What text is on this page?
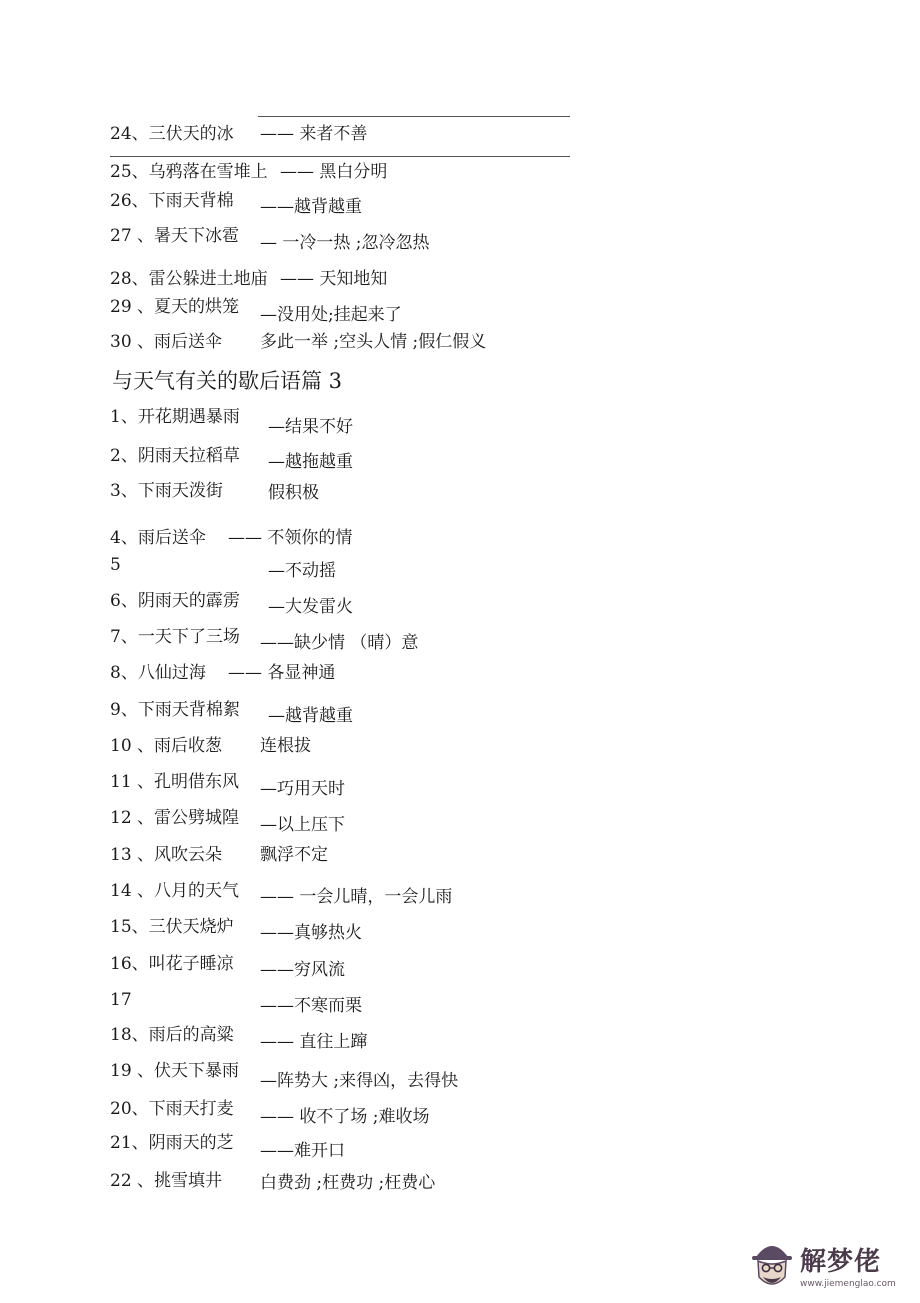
24、三伏天的冰 —— 来者不善
25、乌鸦落在雪堆上 —— 黑白分明
26、下雨天背棉 ——越背越重
27 、暑天下冰雹 — 一冷一热 ;忽冷忽热
28、雷公躲进土地庙 —— 天知地知
29 、夏天的烘笼 —没用处;挂起来了
30 、雨后送伞 多此一举 ;空头人情 ;假仁假义
与天气有关的歇后语篇 3
1、开花期遇暴雨 —结果不好
2、阴雨天拉稻草 —越拖越重
3、下雨天泼街	假积极
4、雨后送伞 —— 不领你的情
5	—不动摇
6、阴雨天的霹雳 —大发雷火
7、一天下了三场 ——缺少情 （晴）意
8、八仙过海 —— 各显神通
9、下雨天背棉絮 —越背越重
10 、雨后收葱 连根拔
11 、孔明借东风 —巧用天时
12 、雷公劈城隍 —以上压下
13 、风吹云朵 飘浮不定
14 、八月的天气 —— 一会儿晴，一会儿雨
15、三伏天烧炉 ——真够热火
16、叫花子睡凉 ——穷风流
17	——不寒而栗
18、雨后的高粱 —— 直往上蹿
19 、伏天下暴雨 —阵势大 ;来得凶，去得快
20、下雨天打麦 —— 收不了场 ;难收场
21、阴雨天的芝 ——难开口
22 、挑雪填井 白费劲 ;枉费功 ;枉费心
解梦佬
www.jiemenglao.com
